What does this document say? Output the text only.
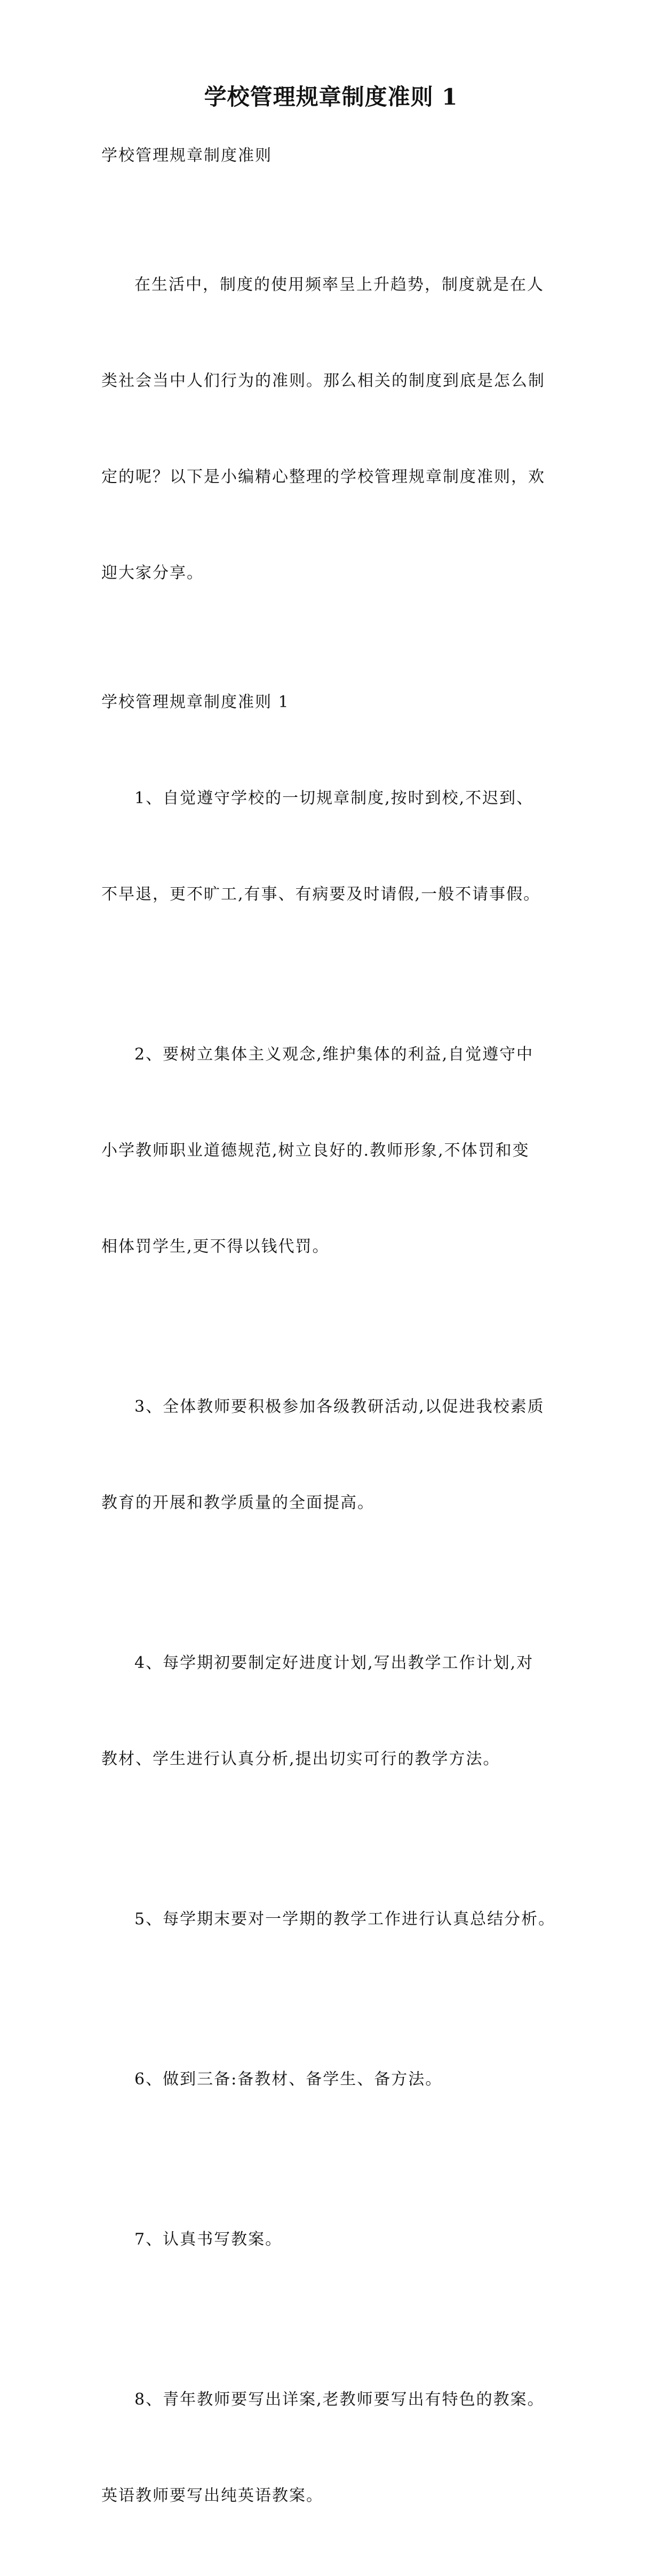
学校管理规章制度准则 1

学校管理规章制度准则

在生活中，制度的使用频率呈上升趋势，制度就是在人

类社会当中人们行为的准则。那么相关的制度到底是怎么制

定的呢？以下是小编精心整理的学校管理规章制度准则，欢

迎大家分享。

学校管理规章制度准则 1

1、自觉遵守学校的一切规章制度,按时到校,不迟到、

不早退，更不旷工,有事、有病要及时请假,一般不请事假。

2、要树立集体主义观念,维护集体的利益,自觉遵守中

小学教师职业道德规范,树立良好的.教师形象,不体罚和变

相体罚学生,更不得以钱代罚。

3、全体教师要积极参加各级教研活动,以促进我校素质

教育的开展和教学质量的全面提高。

4、每学期初要制定好进度计划,写出教学工作计划,对

教材、学生进行认真分析,提出切实可行的教学方法。

5、每学期末要对一学期的教学工作进行认真总结分析。

6、做到三备:备教材、备学生、备方法。

7、认真书写教案。

8、青年教师要写出详案,老教师要写出有特色的教案。

英语教师要写出纯英语教案。
